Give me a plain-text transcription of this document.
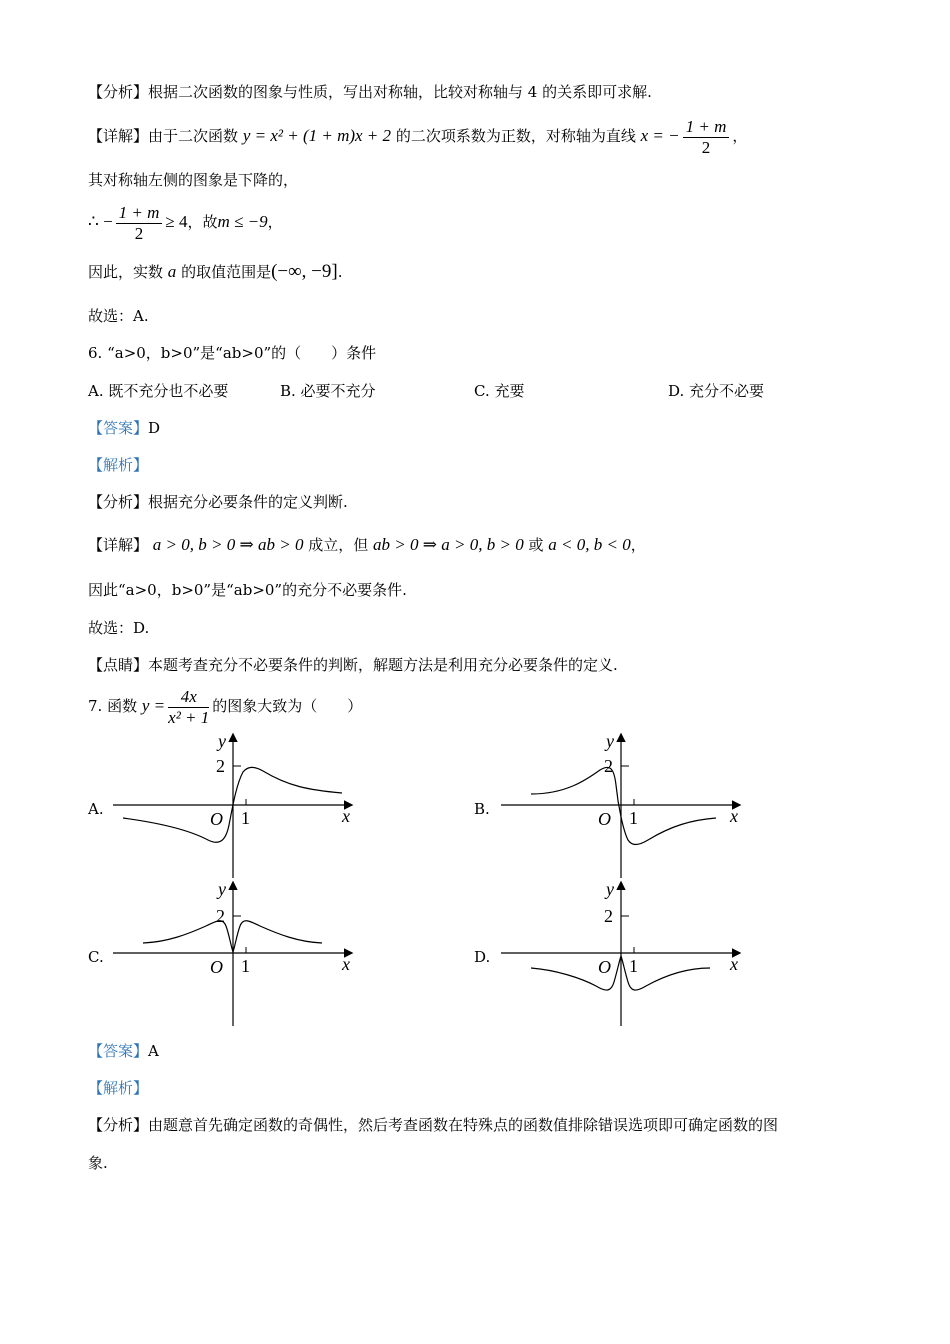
【分析】根据二次函数的图象与性质，写出对称轴，比较对称轴与 4 的关系即可求解.
【详解】由于二次函数 y = x² + (1 + m)x + 2 的二次项系数为正数，对称轴为直线 x = − $\frac{1 + m}{2}$ ，
其对称轴左侧的图象是下降的，
∴ − $\frac{1 + m}{2} \ge 4$，故m ≤ −9，
因此，实数 a 的取值范围是(−∞, −9].
故选：A.
6. “a>0，b>0”是“ab>0”的（　　）条件
A. 既不充分也不必要	B. 必要不充分	C. 充要	D. 充分不必要
【答案】D
【解析】
【分析】根据充分必要条件的定义判断.
【详解】 a > 0, b > 0 ⇒ ab > 0 成立，但 ab > 0 ⇒ a > 0, b > 0 或 a < 0, b < 0，
因此“a>0，b>0”是“ab>0”的充分不必要条件.
故选：D.
【点睛】本题考查充分不必要条件的判断，解题方法是利用充分必要条件的定义.
7. 函数 $y = \frac{4x}{\text{x² + 1}}$ 的图象大致为（　　）
A.
2
1
O	x
y
B.
2
1
O	x
y
C.
2
1
O	x
y
D.
2
1
O	x
y
【答案】A
【解析】
【分析】由题意首先确定函数的奇偶性，然后考查函数在特殊点的函数值排除错误选项即可确定函数的图
象.
